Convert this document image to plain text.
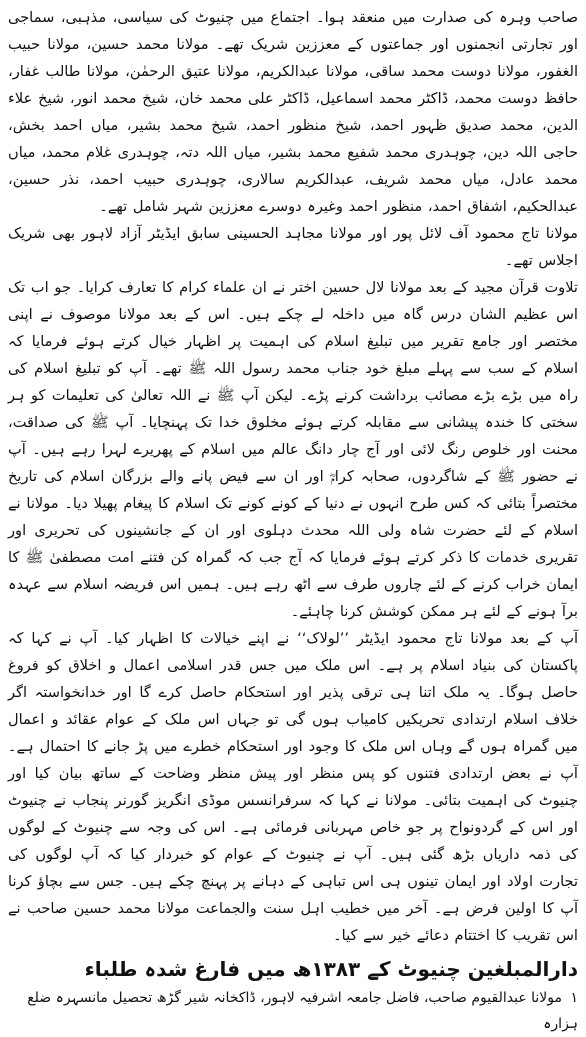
صاحب وہرہ کی صدارت میں منعقد ہوا۔ اجتماع میں چنیوٹ کی سیاسی، مذہبی، سماجی اور تجارتی انجمنوں اور جماعتوں کے معززین شریک تھے۔ مولانا محمد حسین، مولانا حبیب الغفور، مولانا دوست محمد ساقی، مولانا عبدالکریم، مولانا عتیق الرحمٰن، مولانا طالب غفار، حافظ دوست محمد، ڈاکٹر محمد اسماعیل، ڈاکٹر علی محمد خان، شیخ محمد انور، شیخ علاء الدین، محمد صدیق ظہور احمد، شیخ منظور احمد، شیخ محمد بشیر، میاں احمد بخش، حاجی اللہ دین، چوہدری محمد شفیع محمد بشیر، میاں اللہ دتہ، چوہدری غلام محمد، میاں محمد عادل، میاں محمد شریف، عبدالکریم سالاری، چوہدری حبیب احمد، نذر حسین، عبدالحکیم، اشفاق احمد، منظور احمد وغیرہ دوسرے معززین شہر شامل تھے۔

مولانا تاج محمود آف لائل پور اور مولانا مجاہد الحسینی سابق ایڈیٹر آزاد لاہور بھی شریک اجلاس تھے۔

تلاوت قرآن مجید کے بعد مولانا لال حسین اختر نے ان علماء کرام کا تعارف کرایا۔ جو اب تک اس عظیم الشان درس گاہ میں داخلہ لے چکے ہیں۔ اس کے بعد مولانا موصوف نے اپنی مختصر اور جامع تقریر میں تبلیغ اسلام کی اہمیت پر اظہار خیال کرتے ہوئے فرمایا کہ اسلام کے سب سے پہلے مبلغ خود جناب محمد رسول اللہ ﷺ تھے۔ آپ کو تبلیغ اسلام کی راہ میں بڑے بڑے مصائب برداشت کرنے پڑے۔ لیکن آپ ﷺ نے اللہ تعالیٰ کی تعلیمات کو ہر سختی کا خندہ پیشانی سے مقابلہ کرتے ہوئے مخلوق خدا تک پہنچایا۔ آپ ﷺ کی صداقت، محنت اور خلوص رنگ لائی اور آج چار دانگ عالم میں اسلام کے پھریرے لہرا رہے ہیں۔ آپ نے حضور ﷺ کے شاگردوں، صحابہ کرامؓ اور ان سے فیض پانے والے بزرگان اسلام کی تاریخ مختصراً بتائی کہ کس طرح انہوں نے دنیا کے کونے کونے تک اسلام کا پیغام پھیلا دیا۔ مولانا نے اسلام کے لئے حضرت شاہ ولی اللہ محدث دہلوی اور ان کے جانشینوں کی تحریری اور تقریری خدمات کا ذکر کرتے ہوئے فرمایا کہ آج جب کہ گمراہ کن فتنے امت مصطفیٰ ﷺ کا ایمان خراب کرنے کے لئے چاروں طرف سے اٹھ رہے ہیں۔ ہمیں اس فریضہ اسلام سے عہدہ برآ ہونے کے لئے ہر ممکن کوشش کرنا چاہئے۔

آپ کے بعد مولانا تاج محمود ایڈیٹر ’’لولاک‘‘ نے اپنے خیالات کا اظہار کیا۔ آپ نے کہا کہ پاکستان کی بنیاد اسلام پر ہے۔ اس ملک میں جس قدر اسلامی اعمال و اخلاق کو فروغ حاصل ہوگا۔ یہ ملک اتنا ہی ترقی پذیر اور استحکام حاصل کرے گا اور خدانخواستہ اگر خلاف اسلام ارتدادی تحریکیں کامیاب ہوں گی تو جہاں اس ملک کے عوام عقائد و اعمال میں گمراہ ہوں گے وہاں اس ملک کا وجود اور استحکام خطرے میں پڑ جانے کا احتمال ہے۔ آپ نے بعض ارتدادی فتنوں کو پس منظر اور پیش منظر وضاحت کے ساتھ بیان کیا اور چنیوٹ کی اہمیت بتائی۔ مولانا نے کہا کہ سرفرانسس موڈی انگریز گورنر پنجاب نے چنیوٹ اور اس کے گردونواح پر جو خاص مہربانی فرمائی ہے۔ اس کی وجہ سے چنیوٹ کے لوگوں کی ذمہ داریاں بڑھ گئی ہیں۔ آپ نے چنیوٹ کے عوام کو خبردار کیا کہ آپ لوگوں کی تجارت اولاد اور ایمان تینوں ہی اس تباہی کے دہانے پر پہنچ چکے ہیں۔ جس سے بچاؤ کرنا آپ کا اولین فرض ہے۔ آخر میں خطیب اہل سنت والجماعت مولانا محمد حسین صاحب نے اس تقریب کا اختتام دعائے خیر سے کیا۔

دارالمبلغین چنیوٹ کے ۱۳۸۳ھ میں فارغ شدہ طلباء

۱ مولانا عبدالقیوم صاحب، فاضل جامعہ اشرفیہ لاہور، ڈاکخانہ شیر گڑھ تحصیل مانسہرہ ضلع ہزارہ
